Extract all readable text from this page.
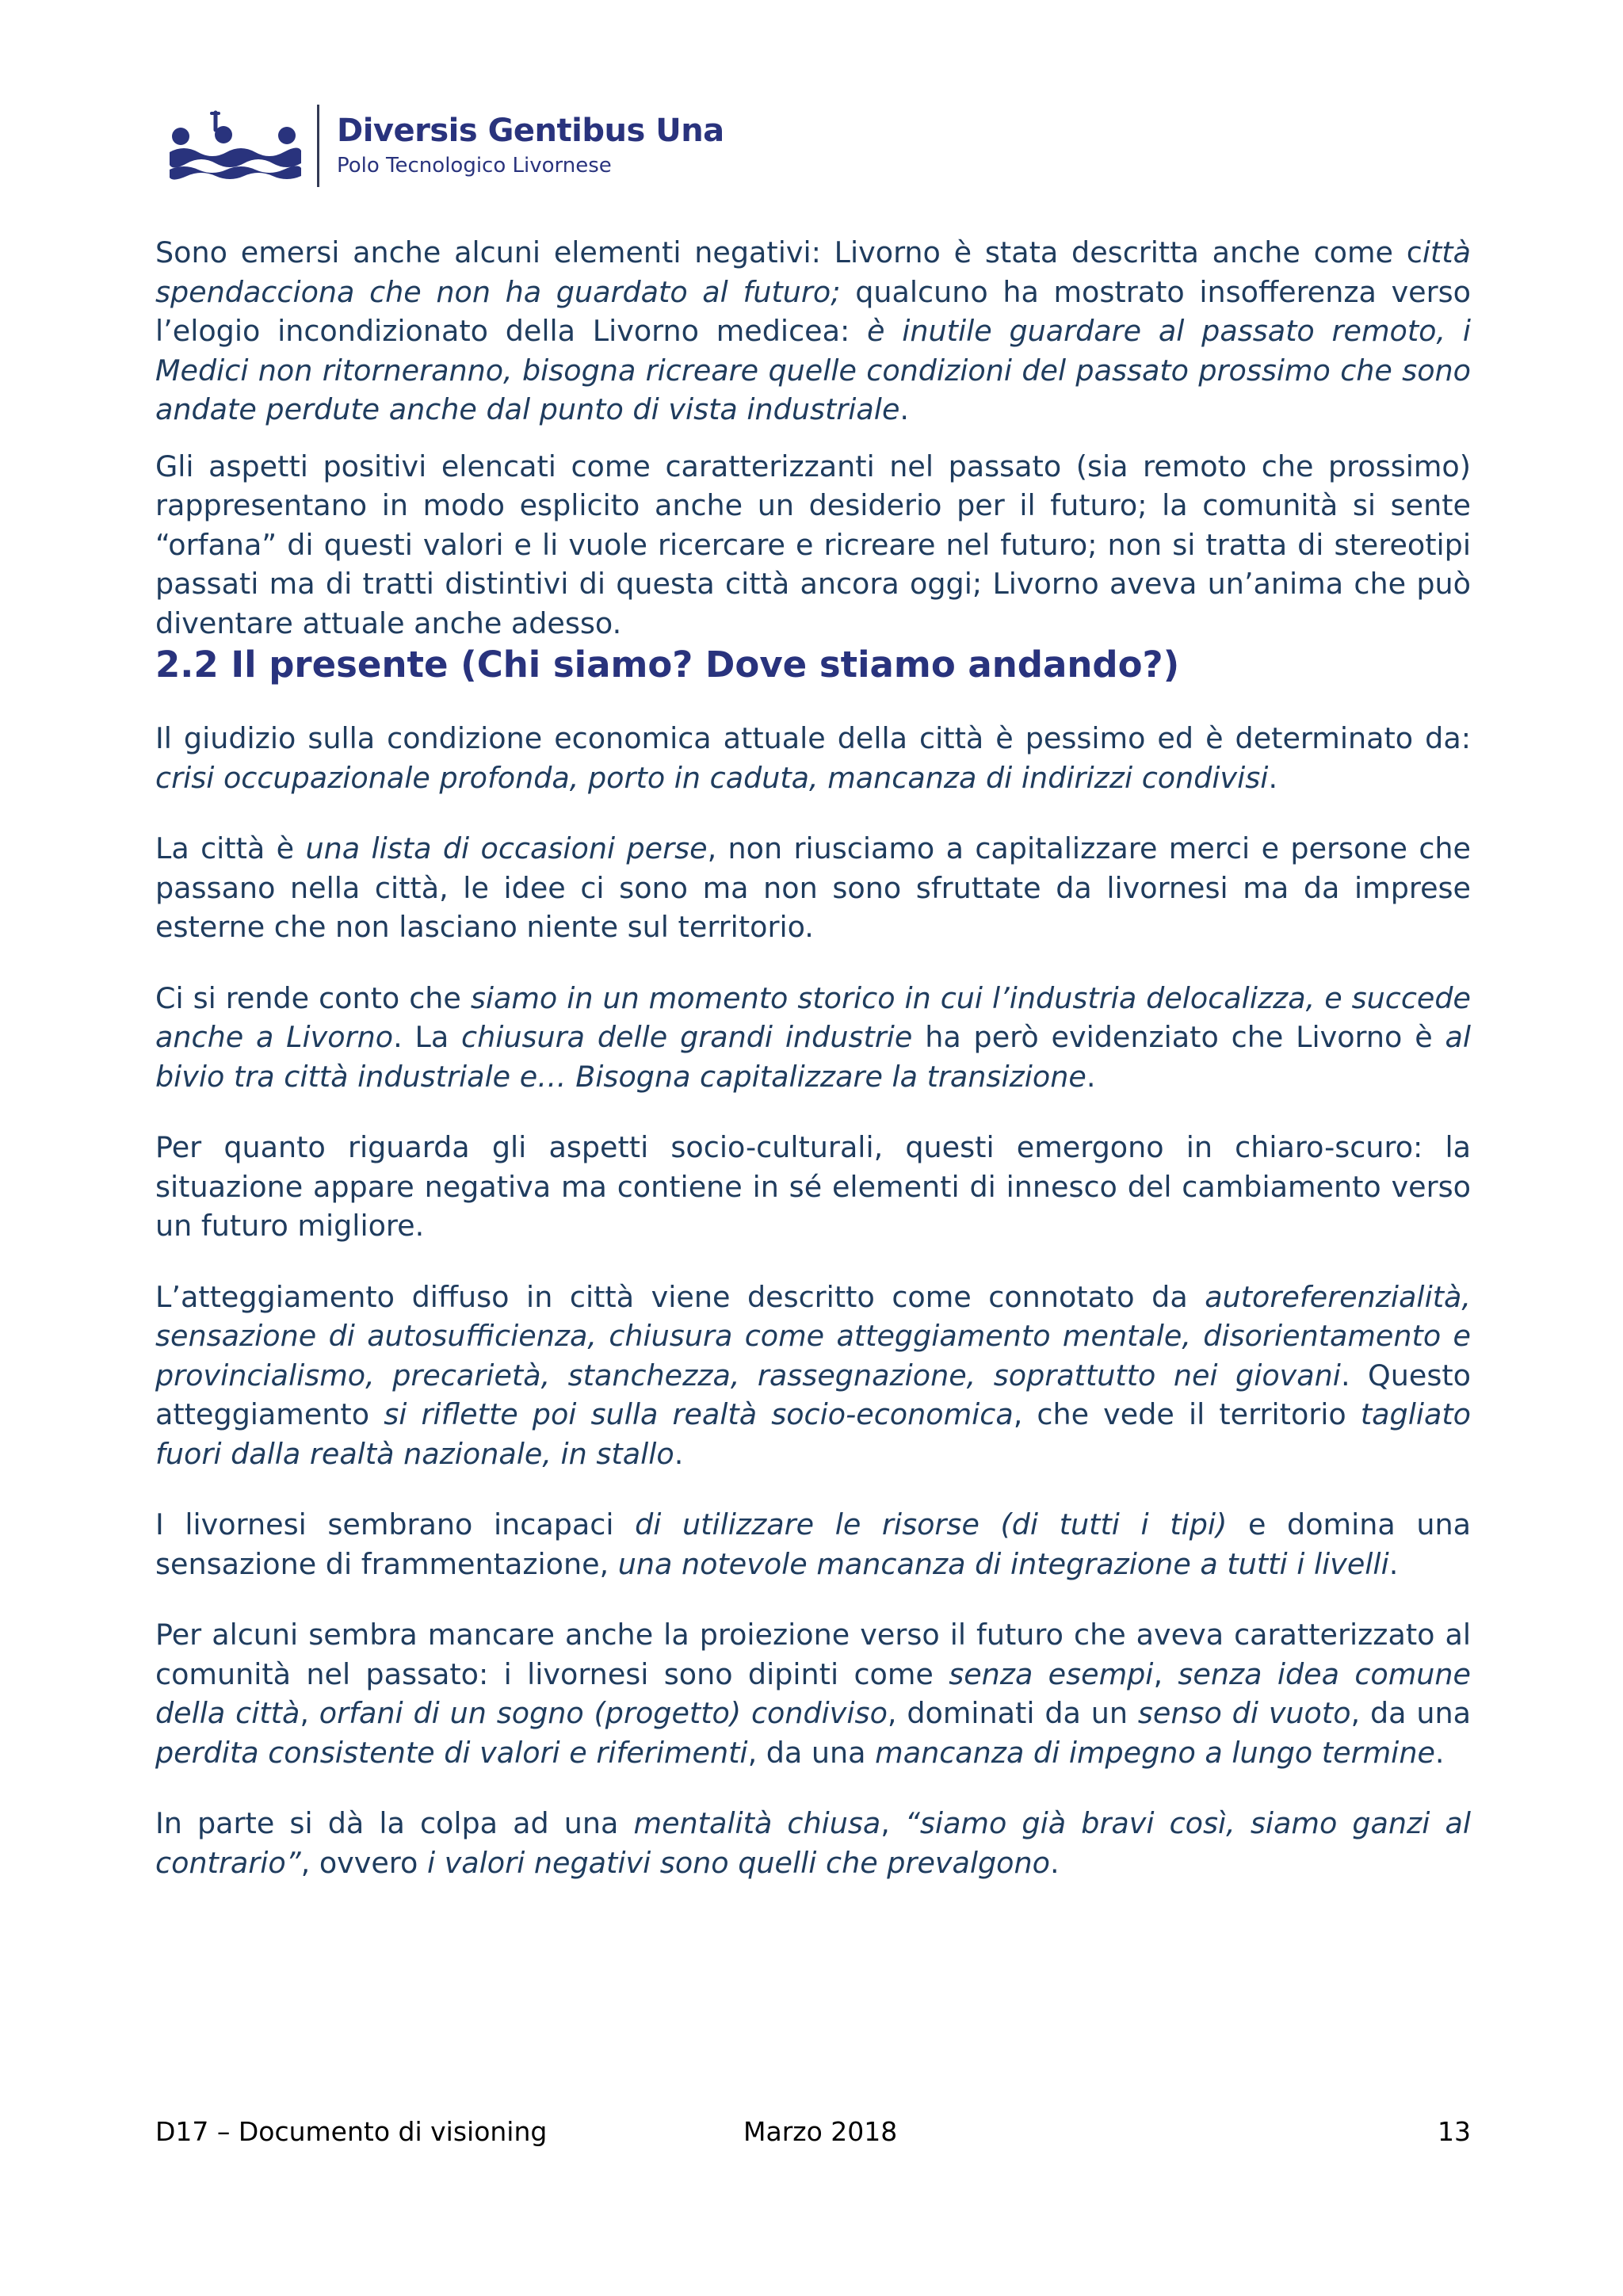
Diversis Gentibus Una
Polo Tecnologico Livornese

Sono emersi anche alcuni elementi negativi: Livorno è stata descritta anche come città spendacciona che non ha guardato al futuro; qualcuno ha mostrato insofferenza verso l’elogio incondizionato della Livorno medicea: è inutile guardare al passato remoto, i Medici non ritorneranno, bisogna ricreare quelle condizioni del passato prossimo che sono andate perdute anche dal punto di vista industriale.

Gli aspetti positivi elencati come caratterizzanti nel passato (sia remoto che prossimo) rappresentano in modo esplicito anche un desiderio per il futuro; la comunità si sente “orfana” di questi valori e li vuole ricercare e ricreare nel futuro; non si tratta di stereotipi passati ma di tratti distintivi di questa città ancora oggi; Livorno aveva un’anima che può diventare attuale anche adesso.

2.2 Il presente (Chi siamo? Dove stiamo andando?)

Il giudizio sulla condizione economica attuale della città è pessimo ed è determinato da: crisi occupazionale profonda, porto in caduta, mancanza di indirizzi condivisi.

La città è una lista di occasioni perse, non riusciamo a capitalizzare merci e persone che passano nella città, le idee ci sono ma non sono sfruttate da livornesi ma da imprese esterne che non lasciano niente sul territorio.

Ci si rende conto che siamo in un momento storico in cui l’industria delocalizza, e succede anche a Livorno. La chiusura delle grandi industrie ha però evidenziato che Livorno è al bivio tra città industriale e… Bisogna capitalizzare la transizione.

Per quanto riguarda gli aspetti socio-culturali, questi emergono in chiaro-scuro: la situazione appare negativa ma contiene in sé elementi di innesco del cambiamento verso un futuro migliore.

L’atteggiamento diffuso in città viene descritto come connotato da autoreferenzialità, sensazione di autosufficienza, chiusura come atteggiamento mentale, disorientamento e provincialismo, precarietà, stanchezza, rassegnazione, soprattutto nei giovani. Questo atteggiamento si riflette poi sulla realtà socio-economica, che vede il territorio tagliato fuori dalla realtà nazionale, in stallo.

I livornesi sembrano incapaci di utilizzare le risorse (di tutti i tipi) e domina una sensazione di frammentazione, una notevole mancanza di integrazione a tutti i livelli.

Per alcuni sembra mancare anche la proiezione verso il futuro che aveva caratterizzato al comunità nel passato: i livornesi sono dipinti come senza esempi, senza idea comune della città, orfani di un sogno (progetto) condiviso, dominati da un senso di vuoto, da una perdita consistente di valori e riferimenti, da una mancanza di impegno a lungo termine.

In parte si dà la colpa ad una mentalità chiusa, “siamo già bravi così, siamo ganzi al contrario”, ovvero i valori negativi sono quelli che prevalgono.

D17 – Documento di visioning	Marzo 2018	13
